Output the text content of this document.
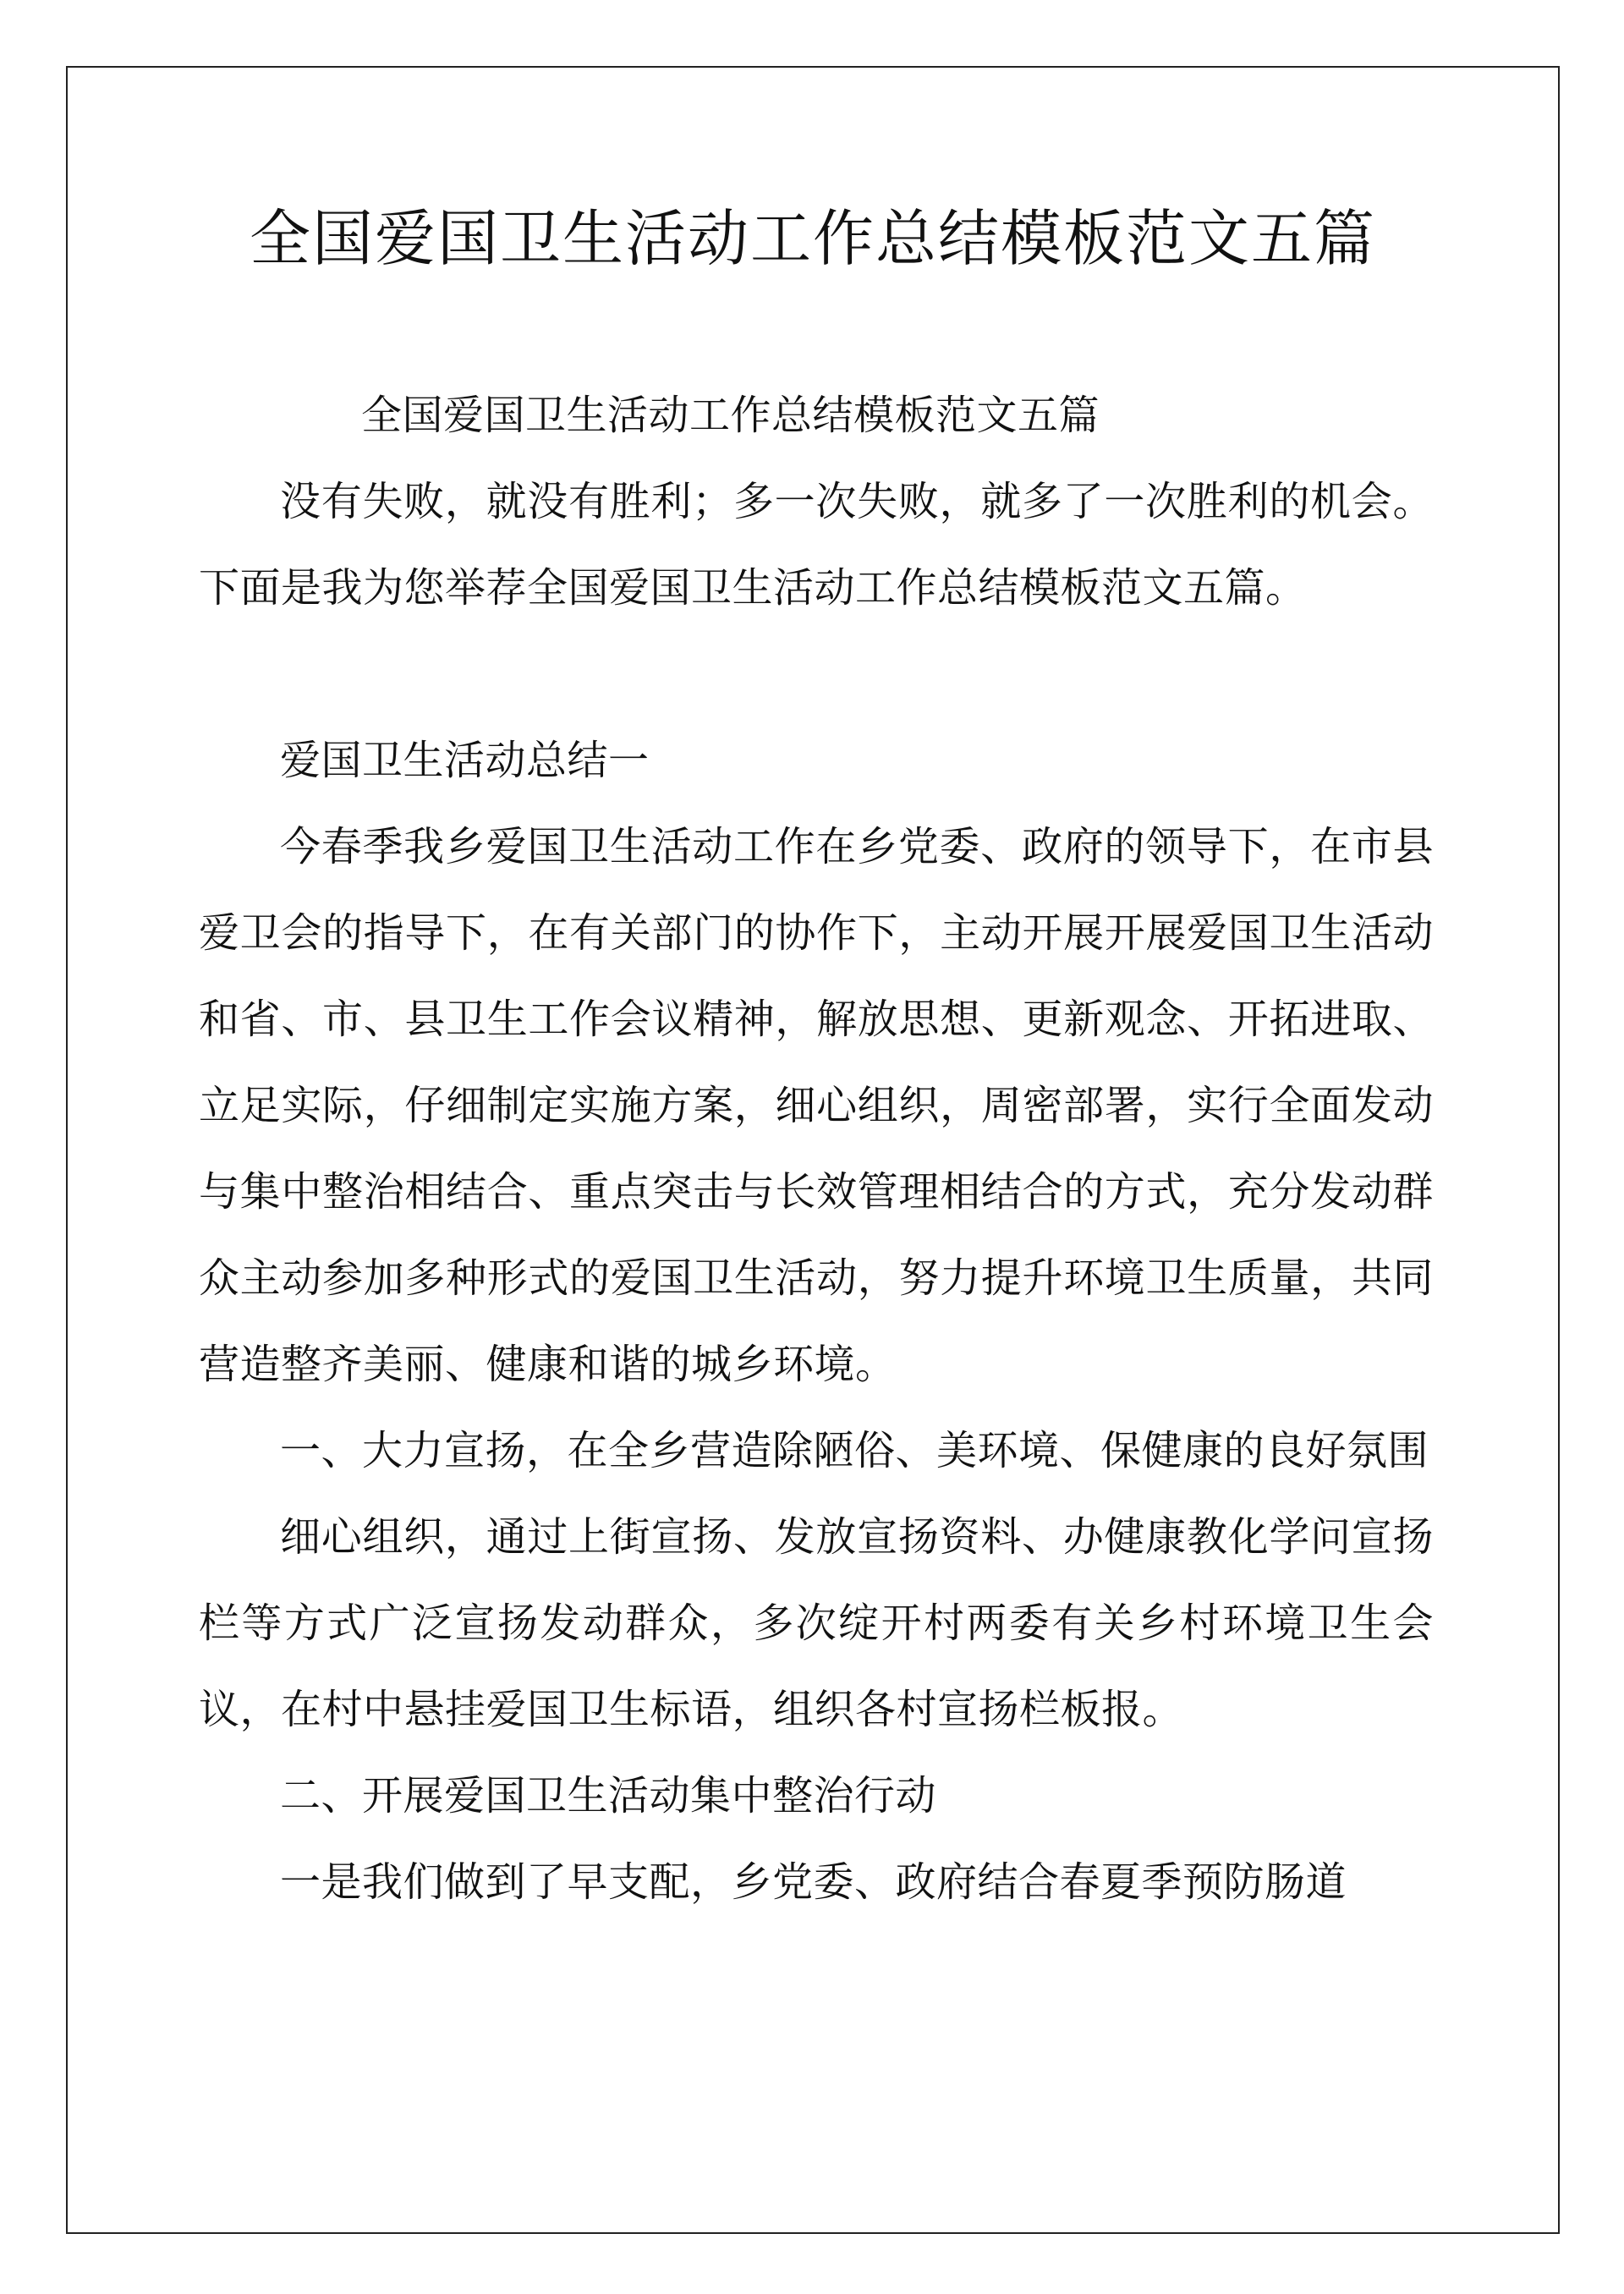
全国爱国卫生活动工作总结模板范文五篇

全国爱国卫生活动工作总结模板范文五篇

没有失败，就没有胜利；多一次失败，就多了一次胜利的机会。下面是我为您举荐全国爱国卫生活动工作总结模板范文五篇。

爱国卫生活动总结一

今春季我乡爱国卫生活动工作在乡党委、政府的领导下，在市县爱卫会的指导下，在有关部门的协作下，主动开展开展爱国卫生活动和省、市、县卫生工作会议精神，解放思想、更新观念、开拓进取、立足实际，仔细制定实施方案，细心组织，周密部署，实行全面发动与集中整治相结合、重点突击与长效管理相结合的方式，充分发动群众主动参加多种形式的爱国卫生活动，努力提升环境卫生质量，共同营造整齐美丽、健康和谐的城乡环境。

一、大力宣扬，在全乡营造除陋俗、美环境、保健康的良好氛围

细心组织，通过上街宣扬、发放宣扬资料、办健康教化学问宣扬栏等方式广泛宣扬发动群众，多次绽开村两委有关乡村环境卫生会议，在村中悬挂爱国卫生标语，组织各村宣扬栏板报。

二、开展爱国卫生活动集中整治行动

一是我们做到了早支配，乡党委、政府结合春夏季预防肠道
